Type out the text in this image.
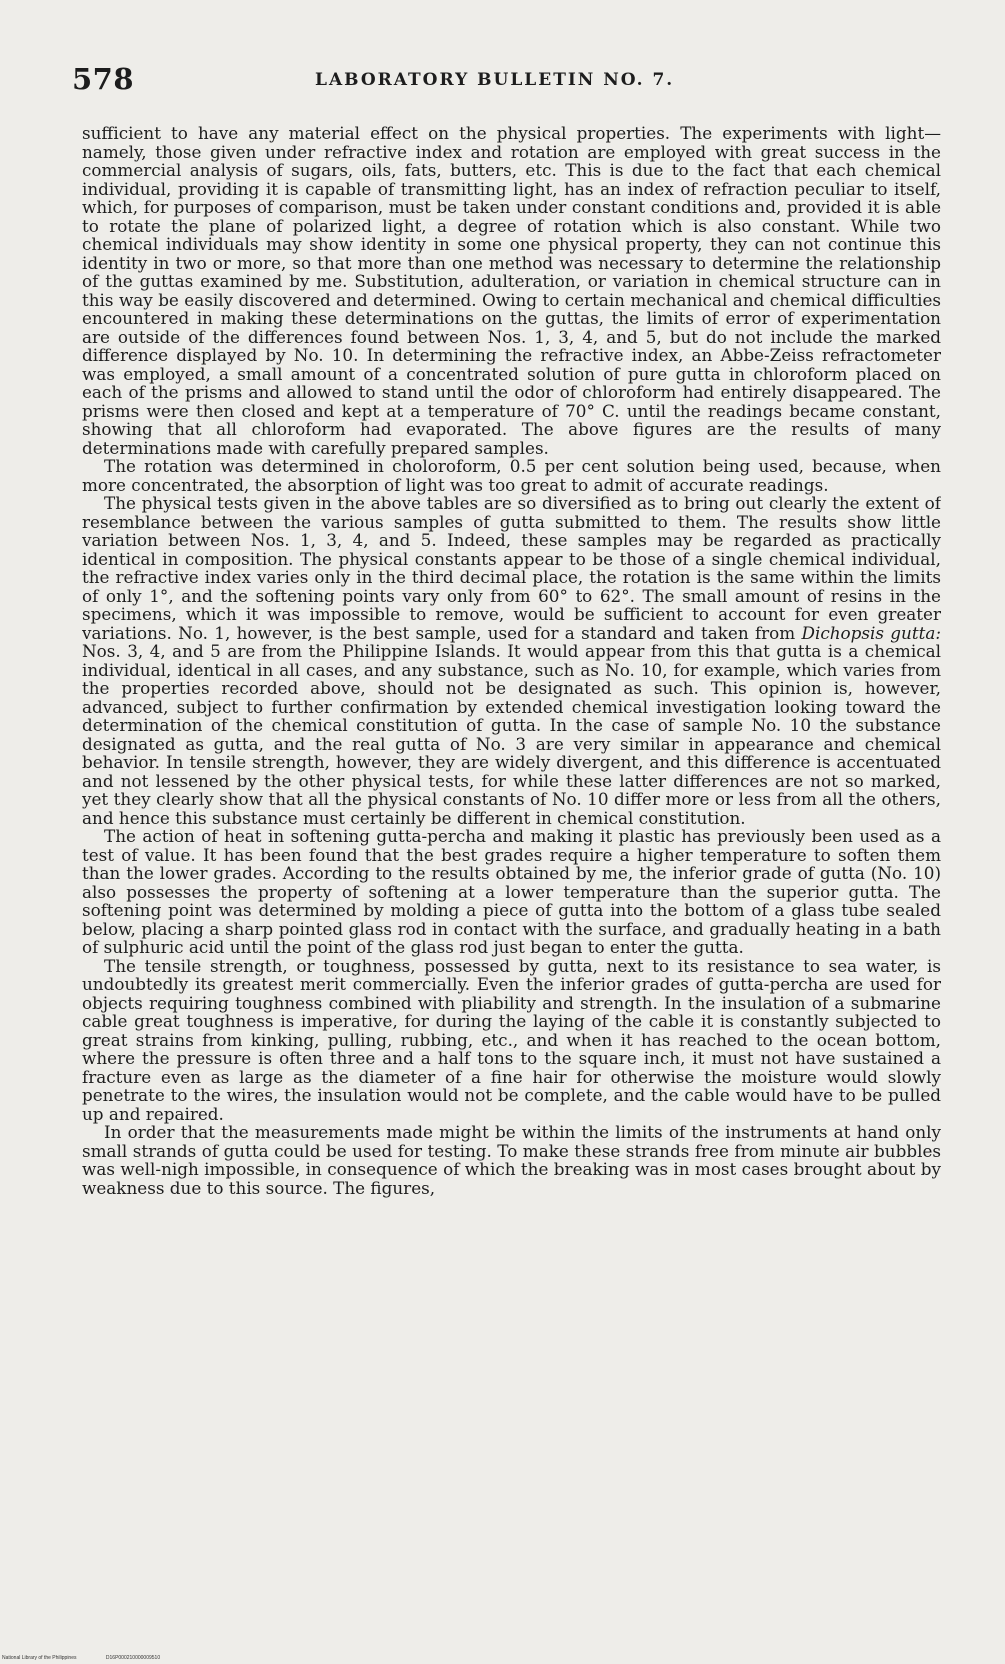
578	LABORATORY BULLETIN NO. 7.

sufficient to have any material effect on the physical properties. The experiments with light—namely, those given under refractive index and rotation are employed with great success in the commercial analysis of sugars, oils, fats, butters, etc. This is due to the fact that each chemical individual, providing it is capable of transmitting light, has an index of refraction peculiar to itself, which, for purposes of comparison, must be taken under constant conditions and, provided it is able to rotate the plane of polarized light, a degree of rotation which is also constant. While two chemical individuals may show identity in some one physical property, they can not continue this identity in two or more, so that more than one method was necessary to determine the relationship of the guttas examined by me. Substitution, adulteration, or variation in chemical structure can in this way be easily discovered and determined. Owing to certain mechanical and chemical difficulties encountered in making these determinations on the guttas, the limits of error of experimentation are outside of the differences found between Nos. 1, 3, 4, and 5, but do not include the marked difference displayed by No. 10. In determining the refractive index, an Abbe-Zeiss refractometer was employed, a small amount of a concentrated solution of pure gutta in chloroform placed on each of the prisms and allowed to stand until the odor of chloroform had entirely disappeared. The prisms were then closed and kept at a temperature of 70° C. until the readings became constant, showing that all chloroform had evaporated. The above figures are the results of many determinations made with carefully prepared samples.

The rotation was determined in choloroform, 0.5 per cent solution being used, because, when more concentrated, the absorption of light was too great to admit of accurate readings.

The physical tests given in the above tables are so diversified as to bring out clearly the extent of resemblance between the various samples of gutta submitted to them. The results show little variation between Nos. 1, 3, 4, and 5. Indeed, these samples may be regarded as practically identical in composition. The physical constants appear to be those of a single chemical individual, the refractive index varies only in the third decimal place, the rotation is the same within the limits of only 1°, and the softening points vary only from 60° to 62°. The small amount of resins in the specimens, which it was impossible to remove, would be sufficient to account for even greater variations. No. 1, however, is the best sample, used for a standard and taken from Dichopsis gutta: Nos. 3, 4, and 5 are from the Philippine Islands. It would appear from this that gutta is a chemical individual, identical in all cases, and any substance, such as No. 10, for example, which varies from the properties recorded above, should not be designated as such. This opinion is, however, advanced, subject to further confirmation by extended chemical investigation looking toward the determination of the chemical constitution of gutta. In the case of sample No. 10 the substance designated as gutta, and the real gutta of No. 3 are very similar in appearance and chemical behavior. In tensile strength, however, they are widely divergent, and this difference is accentuated and not lessened by the other physical tests, for while these latter differences are not so marked, yet they clearly show that all the physical constants of No. 10 differ more or less from all the others, and hence this substance must certainly be different in chemical constitution.

The action of heat in softening gutta-percha and making it plastic has previously been used as a test of value. It has been found that the best grades require a higher temperature to soften them than the lower grades. According to the results obtained by me, the inferior grade of gutta (No. 10) also possesses the property of softening at a lower temperature than the superior gutta. The softening point was determined by molding a piece of gutta into the bottom of a glass tube sealed below, placing a sharp pointed glass rod in contact with the surface, and gradually heating in a bath of sulphuric acid until the point of the glass rod just began to enter the gutta.

The tensile strength, or toughness, possessed by gutta, next to its resistance to sea water, is undoubtedly its greatest merit commercially. Even the inferior grades of gutta-percha are used for objects requiring toughness combined with pliability and strength. In the insulation of a submarine cable great toughness is imperative, for during the laying of the cable it is constantly subjected to great strains from kinking, pulling, rubbing, etc., and when it has reached to the ocean bottom, where the pressure is often three and a half tons to the square inch, it must not have sustained a fracture even as large as the diameter of a fine hair for otherwise the moisture would slowly penetrate to the wires, the insulation would not be complete, and the cable would have to be pulled up and repaired.

In order that the measurements made might be within the limits of the instruments at hand only small strands of gutta could be used for testing. To make these strands free from minute air bubbles was well-nigh impossible, in consequence of which the breaking was in most cases brought about by weakness due to this source. The figures,

National Library of the Philippines	D16P000210000009510
